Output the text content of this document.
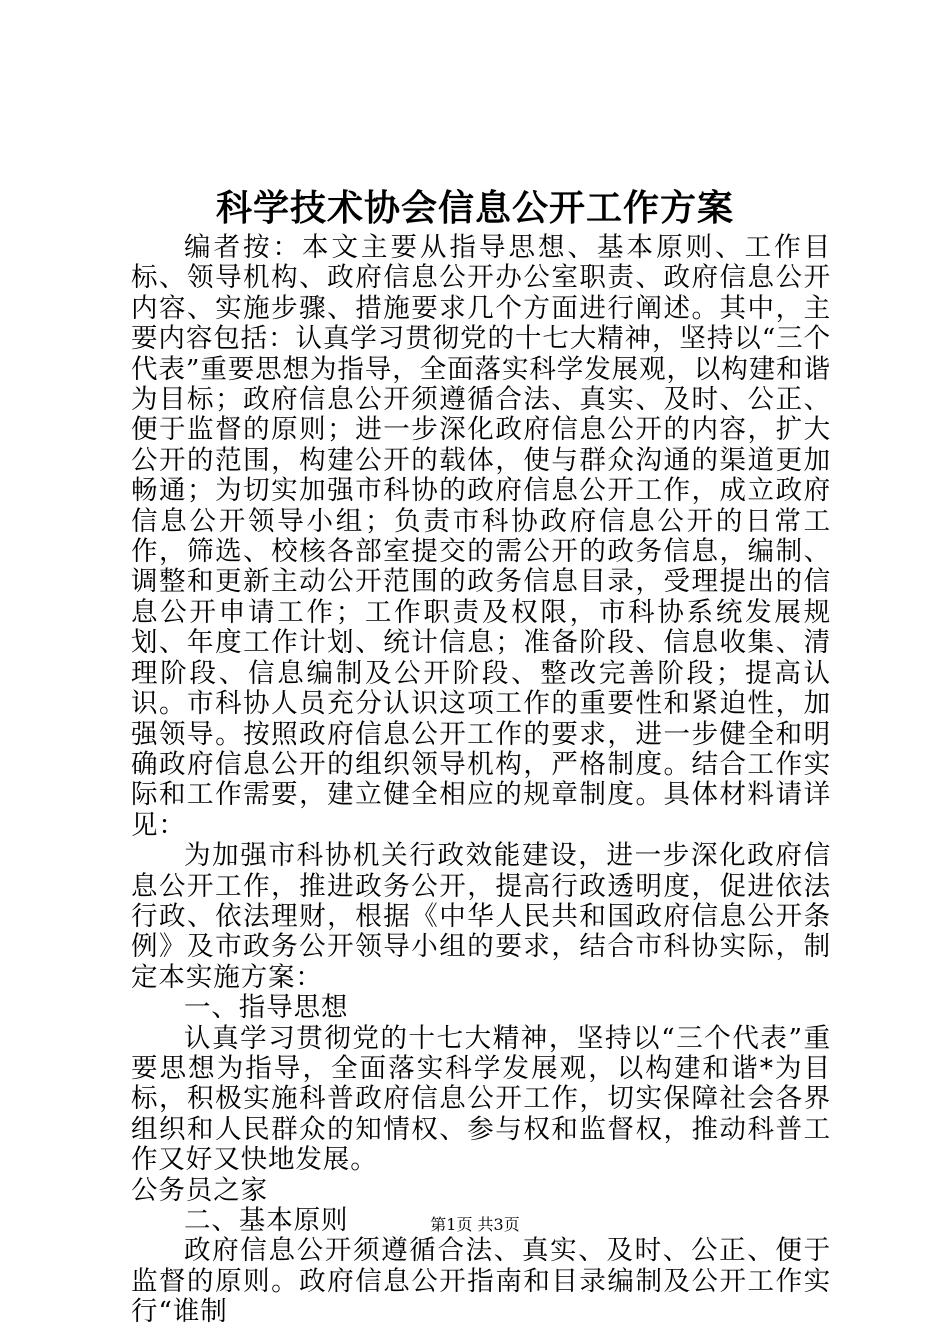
科学技术协会信息公开工作方案

编者按：本文主要从指导思想、基本原则、工作目标、领导机构、政府信息公开办公室职责、政府信息公开内容、实施步骤、措施要求几个方面进行阐述。其中，主要内容包括：认真学习贯彻党的十七大精神，坚持以“三个代表”重要思想为指导，全面落实科学发展观，以构建和谐为目标；政府信息公开须遵循合法、真实、及时、公正、便于监督的原则；进一步深化政府信息公开的内容，扩大公开的范围，构建公开的载体，使与群众沟通的渠道更加畅通；为切实加强市科协的政府信息公开工作，成立政府信息公开领导小组；负责市科协政府信息公开的日常工作，筛选、校核各部室提交的需公开的政务信息，编制、调整和更新主动公开范围的政务信息目录，受理提出的信息公开申请工作；工作职责及权限，市科协系统发展规划、年度工作计划、统计信息；准备阶段、信息收集、清理阶段、信息编制及公开阶段、整改完善阶段；提高认识。市科协人员充分认识这项工作的重要性和紧迫性，加强领导。按照政府信息公开工作的要求，进一步健全和明确政府信息公开的组织领导机构，严格制度。结合工作实际和工作需要，建立健全相应的规章制度。具体材料请详见：

为加强市科协机关行政效能建设，进一步深化政府信息公开工作，推进政务公开，提高行政透明度，促进依法行政、依法理财，根据《中华人民共和国政府信息公开条例》及市政务公开领导小组的要求，结合市科协实际，制定本实施方案：

一、指导思想

认真学习贯彻党的十七大精神，坚持以“三个代表”重要思想为指导，全面落实科学发展观，以构建和谐*为目标，积极实施科普政府信息公开工作，切实保障社会各界组织和人民群众的知情权、参与权和监督权，推动科普工作又好又快地发展。

公务员之家

二、基本原则

政府信息公开须遵循合法、真实、及时、公正、便于监督的原则。政府信息公开指南和目录编制及公开工作实行“谁制

第1页 共3页
